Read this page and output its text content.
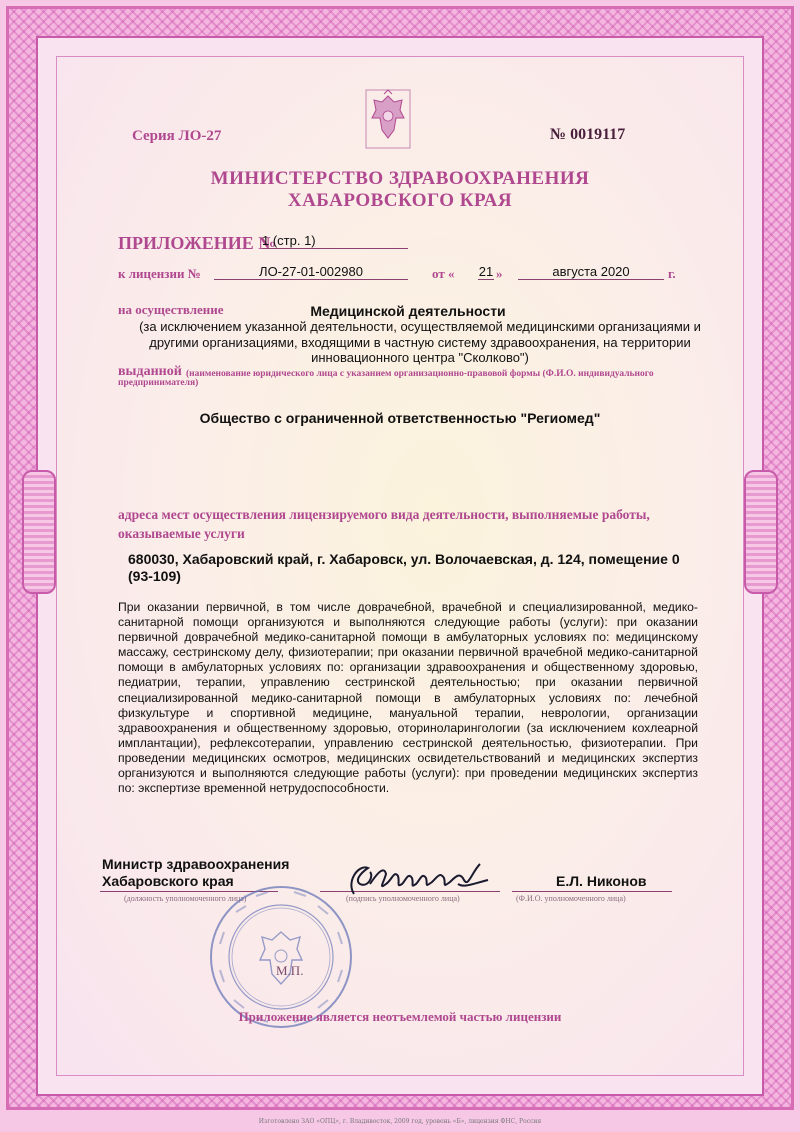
Серия ЛО-27	№ 0019117
МИНИСТЕРСТВО ЗДРАВООХРАНЕНИЯ
ХАБАРОВСКОГО КРАЯ
ПРИЛОЖЕНИЕ №
1 (стр. 1)
к лицензии №	ЛО-27-01-002980	от « 21 »	августа 2020	г.
на осуществление	Медицинской деятельности
(за исключением указанной деятельности, осуществляемой медицинскими организациями и другими организациями, входящими в частную систему здравоохранения, на территории инновационного центра "Сколково")
выданной (наименование юридического лица с указанием организационно-правовой формы (Ф.И.О. индивидуального
предпринимателя)
Общество с ограниченной ответственностью "Региомед"
адреса мест осуществления лицензируемого вида деятельности, выполняемые работы, оказываемые услуги
680030, Хабаровский край, г. Хабаровск, ул. Волочаевская, д. 124, помещение 0 (93-109)
При оказании первичной, в том числе доврачебной, врачебной и специализированной, медико-санитарной помощи организуются и выполняются следующие работы (услуги): при оказании первичной доврачебной медико-санитарной помощи в амбулаторных условиях по: медицинскому массажу, сестринскому делу, физиотерапии; при оказании первичной врачебной медико-санитарной помощи в амбулаторных условиях по: организации здравоохранения и общественному здоровью, педиатрии, терапии, управлению сестринской деятельностью; при оказании первичной специализированной медико-санитарной помощи в амбулаторных условиях по: лечебной физкультуре и спортивной медицине, мануальной терапии, неврологии, организации здравоохранения и общественному здоровью, оториноларингологии (за исключением кохлеарной имплантации), рефлексотерапии, управлению сестринской деятельностью, физиотерапии. При проведении медицинских осмотров, медицинских освидетельствований и медицинских экспертиз организуются и выполняются следующие работы (услуги): при проведении медицинских экспертиз по: экспертизе временной нетрудоспособности.
Министр здравоохранения
Хабаровского края	Е.Л. Никонов
(должность уполномоченного лица)	(подпись уполномоченного лица)	(Ф.И.О. уполномоченного лица)
М.П.
Приложение является неотъемлемой частью лицензии
Изготовлено ЗАО «ОПЦ», г. Владивосток, 2009 год, уровень «Б», лицензия ФНС, Россия
